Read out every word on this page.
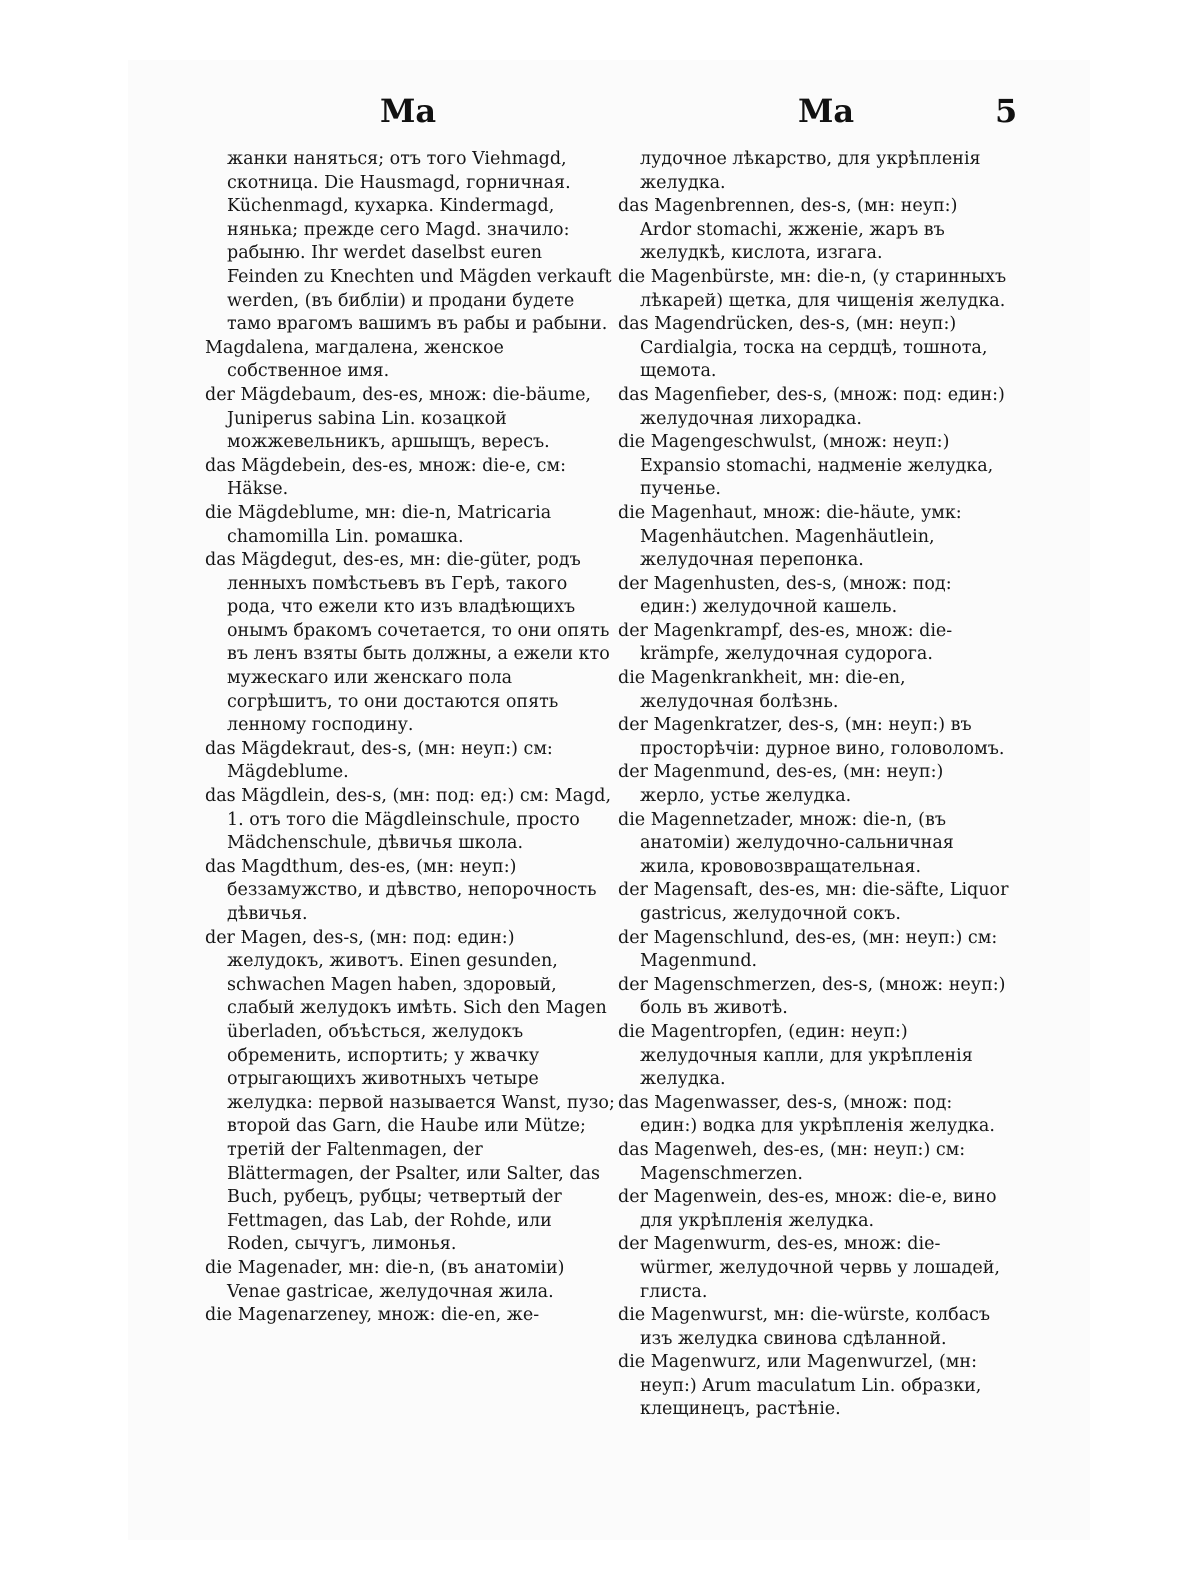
Ma	Ma	5

жанки наняться; отъ того Viehmagd, скотница. Die Hausmagd, горничная. Küchenmagd, кухарка. Kindermagd, нянька; прежде сего Magd. значило: рабыню. Ihr werdet daselbst euren Feinden zu Knechten und Mägden verkauft werden, (въ библіи) и продани будете тамо врагомъ вашимъ въ рабы и рабыни.

Magdalena, магдалена, женское собственное имя.

der Mägdebaum, des-es, множ: die-bäume, Juniperus sabina Lin. козацкой можжевельникъ, аршыщъ, вересъ.

das Mägdebein, des-es, множ: die-e, см: Häkse.

die Mägdeblume, мн: die-n, Matricaria chamomilla Lin. ромашка.

das Mägdegut, des-es, мн: die-güter, родъ ленныхъ помѣстьевъ въ Герѣ, такого рода, что ежели кто изъ владѣющихъ онымъ бракомъ сочетается, то они опять въ ленъ взяты быть должны, а ежели кто мужескаго или женскаго пола согрѣшитъ, то они достаются опять ленному господину.

das Mägdekraut, des-s, (мн: неуп:) см: Mägdeblume.

das Mägdlein, des-s, (мн: под: ед:) см: Magd, 1. отъ того die Mägdleinschule, просто Mädchenschule, дѣвичья школа.

das Magdthum, des-es, (мн: неуп:) беззамужство, и дѣвство, непорочность дѣвичья.

der Magen, des-s, (мн: под: един:) желудокъ, животъ. Einen gesunden, schwachen Magen haben, здоровый, слабый желудокъ имѣть. Sich den Magen überladen, объѣсться, желудокъ обременить, испортить; у жвачку отрыгающихъ животныхъ четыре желудка: первой называется Wanst, пузо; второй das Garn, die Haube или Mütze; третій der Faltenmagen, der Blättermagen, der Psalter, или Salter, das Buch, рубецъ, рубцы; четвертый der Fettmagen, das Lab, der Rohde, или Roden, сычугъ, лимонья.

die Magenader, мн: die-n, (въ анатоміи) Venae gastricae, желудочная жила.

die Magenarzeney, множ: die-en, же-

лудочное лѣкарство, для укрѣпленія желудка.

das Magenbrennen, des-s, (мн: неуп:) Ardor stomachi, жженіе, жаръ въ желудкѣ, кислота, изгага.

die Magenbürste, мн: die-n, (у старинныхъ лѣкарей) щетка, для чищенія желудка.

das Magendrücken, des-s, (мн: неуп:) Cardialgia, тоска на сердцѣ, тошнота, щемота.

das Magenfieber, des-s, (множ: под: един:) желудочная лихорадка.

die Magengeschwulst, (множ: неуп:) Expansio stomachi, надменіе желудка, пученье.

die Magenhaut, множ: die-häute, умк: Magenhäutchen. Magenhäutlein, желудочная перепонка.

der Magenhusten, des-s, (множ: под: един:) желудочной кашель.

der Magenkrampf, des-es, множ: die-krämpfe, желудочная судорога.

die Magenkrankheit, мн: die-en, желудочная болѣзнь.

der Magenkratzer, des-s, (мн: неуп:) въ просторѣчіи: дурное вино, головоломъ.

der Magenmund, des-es, (мн: неуп:) жерло, устье желудка.

die Magennetzader, множ: die-n, (въ анатоміи) желудочно-сальничная жила, крововозвращательная.

der Magensaft, des-es, мн: die-säfte, Liquor gastricus, желудочной сокъ.

der Magenschlund, des-es, (мн: неуп:) см: Magenmund.

der Magenschmerzen, des-s, (множ: неуп:) боль въ животѣ.

die Magentropfen, (един: неуп:) желудочныя капли, для укрѣпленія желудка.

das Magenwasser, des-s, (множ: под: един:) водка для укрѣпленія желудка.

das Magenweh, des-es, (мн: неуп:) см: Magenschmerzen.

der Magenwein, des-es, множ: die-e, вино для укрѣпленія желудка.

der Magenwurm, des-es, множ: die-würmer, желудочной червь у лошадей, глиста.

die Magenwurst, мн: die-würste, колбасъ изъ желудка свинова сдѣланной.

die Magenwurz, или Magenwurzel, (мн: неуп:) Arum maculatum Lin. образки, клещинецъ, растѣніе.
